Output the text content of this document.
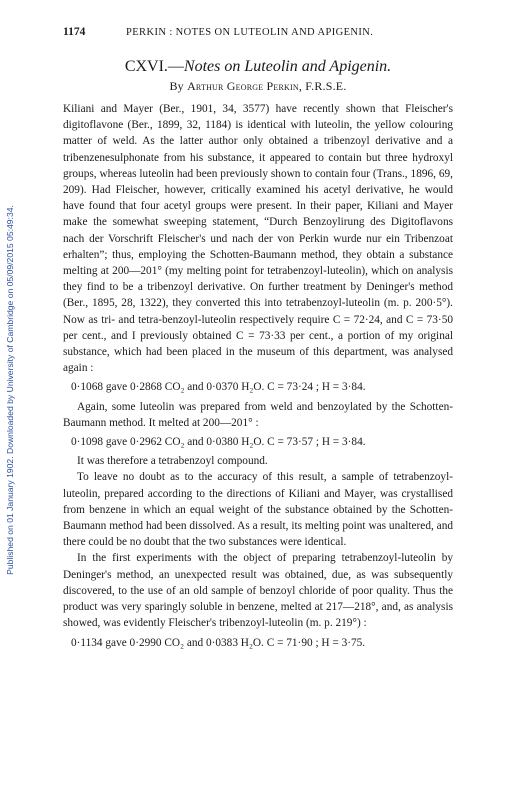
Published on 01 January 1902. Downloaded by University of Cambridge on 05/09/2015 05:49:34.
1174	PERKIN : NOTES ON LUTEOLIN AND APIGENIN.
CXVI.—Notes on Luteolin and Apigenin.
By Arthur George Perkin, F.R.S.E.

Kiliani and Mayer (Ber., 1901, 34, 3577) have recently shown that Fleischer's digitoflavone (Ber., 1899, 32, 1184) is identical with luteolin, the yellow colouring matter of weld. As the latter author only obtained a tribenzoyl derivative and a tribenzenesulphonate from his substance, it appeared to contain but three hydroxyl groups, whereas luteolin had been previously shown to contain four (Trans., 1896, 69, 209). Had Fleischer, however, critically examined his acetyl derivative, he would have found that four acetyl groups were present. In their paper, Kiliani and Mayer make the somewhat sweeping statement, “Durch Benzoylirung des Digitoflavons nach der Vorschrift Fleischer's und nach der von Perkin wurde nur ein Tribenzoat erhalten”; thus, employing the Schotten-Baumann method, they obtain a substance melting at 200—201° (my melting point for tetrabenzoyl-luteolin), which on analysis they find to be a tribenzoyl derivative. On further treatment by Deninger's method (Ber., 1895, 28, 1322), they converted this into tetrabenzoyl-luteolin (m. p. 200·5°). Now as tri- and tetra-benzoyl-luteolin respectively require C = 72·24, and C = 73·50 per cent., and I previously obtained C = 73·33 per cent., a portion of my original substance, which had been placed in the museum of this department, was analysed again :

0·1068 gave 0·2868 CO₂ and 0·0370 H₂O. C = 73·24 ; H = 3·84.

Again, some luteolin was prepared from weld and benzoylated by the Schotten-Baumann method. It melted at 200—201° :

0·1098 gave 0·2962 CO₂ and 0·0380 H₂O. C = 73·57 ; H = 3·84.

It was therefore a tetrabenzoyl compound.

To leave no doubt as to the accuracy of this result, a sample of tetrabenzoyl-luteolin, prepared according to the directions of Kiliani and Mayer, was crystallised from benzene in which an equal weight of the substance obtained by the Schotten-Baumann method had been dissolved. As a result, its melting point was unaltered, and there could be no doubt that the two substances were identical.

In the first experiments with the object of preparing tetrabenzoyl-luteolin by Deninger's method, an unexpected result was obtained, due, as was subsequently discovered, to the use of an old sample of benzoyl chloride of poor quality. Thus the product was very sparingly soluble in benzene, melted at 217—218°, and, as analysis showed, was evidently Fleischer's tribenzoyl-luteolin (m. p. 219°) :

0·1134 gave 0·2990 CO₂ and 0·0383 H₂O. C = 71·90 ; H = 3·75.
